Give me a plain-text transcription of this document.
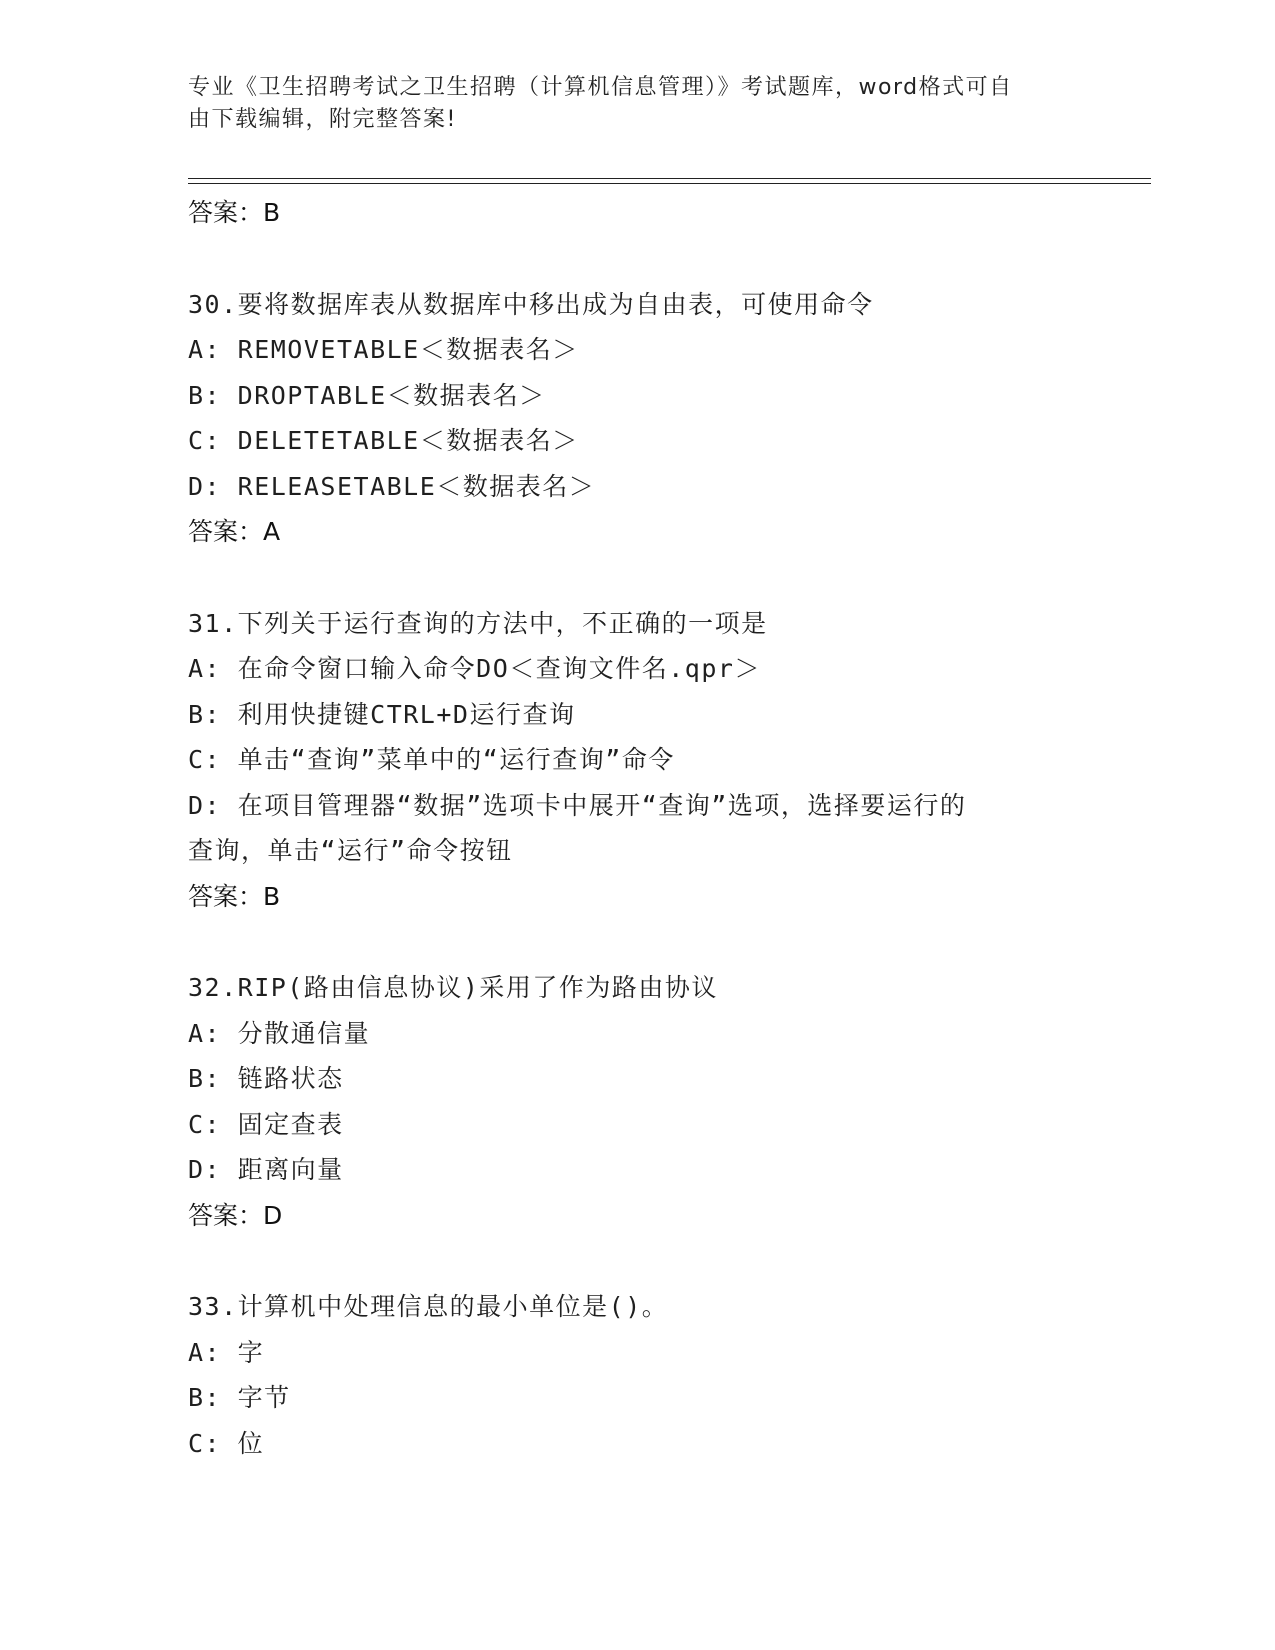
专业《卫生招聘考试之卫生招聘（计算机信息管理）》考试题库，word格式可自
由下载编辑，附完整答案!
答案：B
30.要将数据库表从数据库中移出成为自由表，可使用命令
A: REMOVETABLE＜数据表名＞
B: DROPTABLE＜数据表名＞
C: DELETETABLE＜数据表名＞
D: RELEASETABLE＜数据表名＞
答案：A
31.下列关于运行查询的方法中，不正确的一项是
A: 在命令窗口输入命令DO＜查询文件名.qpr＞
B: 利用快捷键CTRL+D运行查询
C: 单击“查询”菜单中的“运行查询”命令
D: 在项目管理器“数据”选项卡中展开“查询”选项，选择要运行的
查询，单击“运行”命令按钮
答案：B
32.RIP(路由信息协议)采用了作为路由协议
A: 分散通信量
B: 链路状态
C: 固定查表
D: 距离向量
答案：D
33.计算机中处理信息的最小单位是()。
A: 字
B: 字节
C: 位
